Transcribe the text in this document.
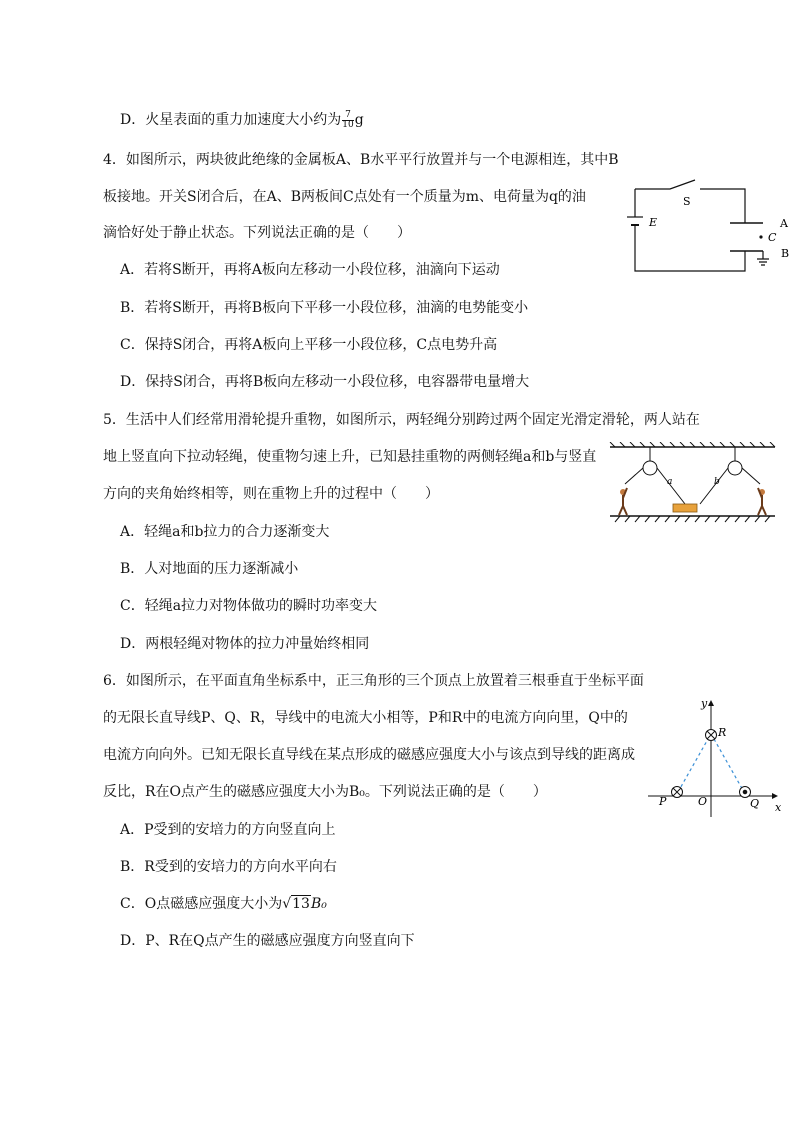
D．火星表面的重力加速度大小约为 $\frac{7}{10}$ g
4．如图所示，两块彼此绝缘的金属板A、B水平平行放置并与一个电源相连，其中B
板接地。开关S闭合后，在A、B两板间C点处有一个质量为m、电荷量为q的油
滴恰好处于静止状态。下列说法正确的是（　　）
A．若将S断开，再将A板向左移动一小段位移，油滴向下运动
B．若将S断开，再将B板向下平移一小段位移，油滴的电势能变小
C．保持S闭合，再将A板向上平移一小段位移，C点电势升高
D．保持S闭合，再将B板向左移动一小段位移，电容器带电量增大
S
E	A
C
B
5．生活中人们经常用滑轮提升重物，如图所示，两轻绳分别跨过两个固定光滑定滑轮，两人站在
地上竖直向下拉动轻绳，使重物匀速上升，已知悬挂重物的两侧轻绳a和b与竖直
方向的夹角始终相等，则在重物上升的过程中（　　）
A．轻绳a和b拉力的合力逐渐变大
B．人对地面的压力逐渐减小
C．轻绳a拉力对物体做功的瞬时功率变大
D．两根轻绳对物体的拉力冲量始终相同
a	b
6．如图所示，在平面直角坐标系中，正三角形的三个顶点上放置着三根垂直于坐标平面
的无限长直导线P、Q、R，导线中的电流大小相等，P和R中的电流方向向里，Q中的
电流方向向外。已知无限长直导线在某点形成的磁感应强度大小与该点到导线的距离成
反比，R在O点产生的磁感应强度大小为B₀。下列说法正确的是（　　）
A．P受到的安培力的方向竖直向上
B．R受到的安培力的方向水平向右
C．O点磁感应强度大小为√13B₀
D．P、R在Q点产生的磁感应强度方向竖直向下
y
x
R
P	O	Q
